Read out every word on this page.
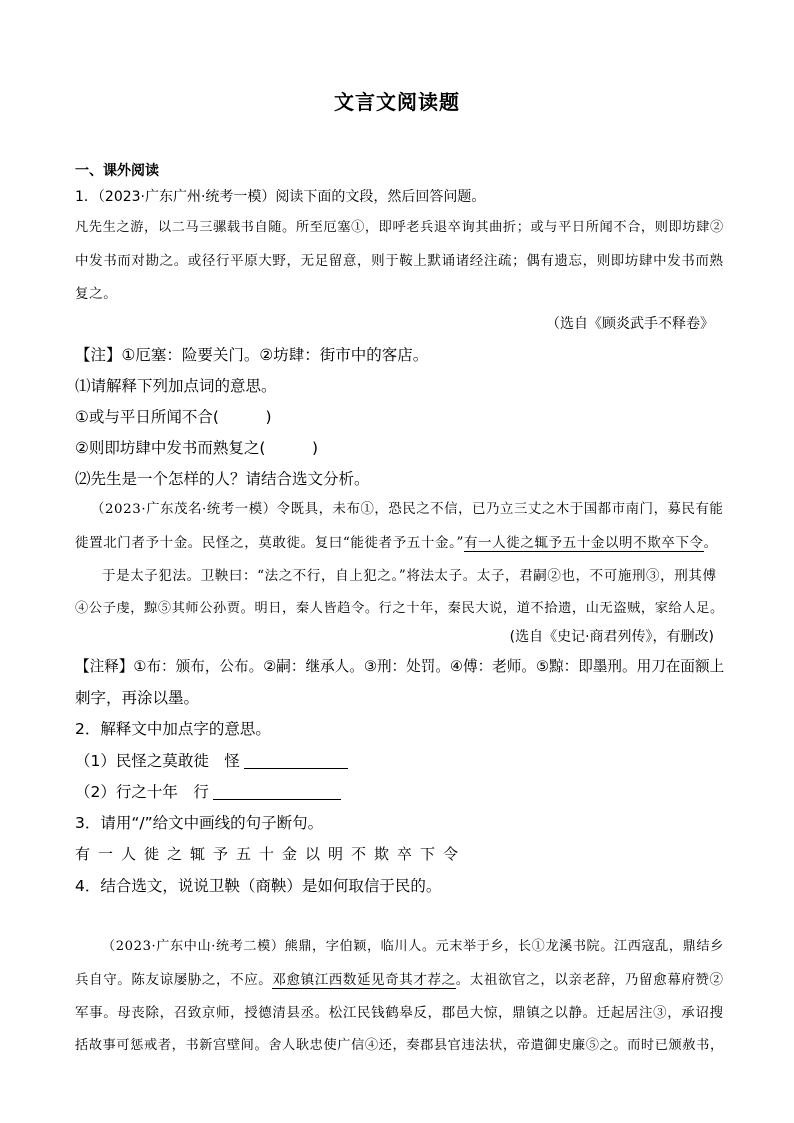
文言文阅读题
一、课外阅读
1．（2023·广东广州·统考一模）阅读下面的文段，然后回答问题。
凡先生之游，以二马三骡载书自随。所至厄塞①，即呼老兵退卒询其曲折；或与平日所闻不合，则即坊肆②
中发书而对勘之。或径行平原大野，无足留意，则于鞍上默诵诸经注疏；偶有遗忘，则即坊肆中发书而熟
复之。
（选自《顾炎武手不释卷》
【注】①厄塞：险要关门。②坊肆：街市中的客店。
⑴请解释下列加点词的意思。
①或与平日所闻不合(　　　)
②则即坊肆中发书而熟复之(　　　)
⑵先生是一个怎样的人？请结合选文分析。
（2023·广东茂名·统考一模）令既具，未布①，恐民之不信，已乃立三丈之木于国都市南门，募民有能
徙置北门者予十金。民怪之，莫敢徙。复曰“能徙者予五十金。”有一人徙之辄予五十金以明不欺卒下令。
于是太子犯法。卫鞅曰：“法之不行，自上犯之。”将法太子。太子，君嗣②也，不可施刑③，刑其傅
④公子虔，黥⑤其师公孙贾。明日，秦人皆趋令。行之十年，秦民大说，道不拾遗，山无盗贼，家给人足。
(选自《史记·商君列传》，有删改)
【注释】①布：颁布，公布。②嗣：继承人。③刑：处罚。④傅：老师。⑤黥：即墨刑。用刀在面额上
刺字，再涂以墨。
2．解释文中加点字的意思。
（1）民怪之莫敢徙　怪
（2）行之十年　行
3．请用“/”给文中画线的句子断句。
有一人徙之辄予五十金以明不欺卒下令
4．结合选文，说说卫鞅（商鞅）是如何取信于民的。
（2023·广东中山·统考二模）熊鼎，字伯颖，临川人。元末举于乡，长①龙溪书院。江西寇乱，鼎结乡
兵自守。陈友谅屡胁之，不应。邓愈镇江西数延见奇其才荐之。太祖欲官之，以亲老辞，乃留愈幕府赞②
军事。母丧除，召致京师，授德清县丞。松江民钱鹤皋反，郡邑大惊，鼎镇之以静。迁起居注③，承诏搜
括故事可惩戒者，书新宫壁间。舍人耿忠使广信④还，奏郡县官违法状，帝遣御史廉⑤之。而时已颁赦书，
